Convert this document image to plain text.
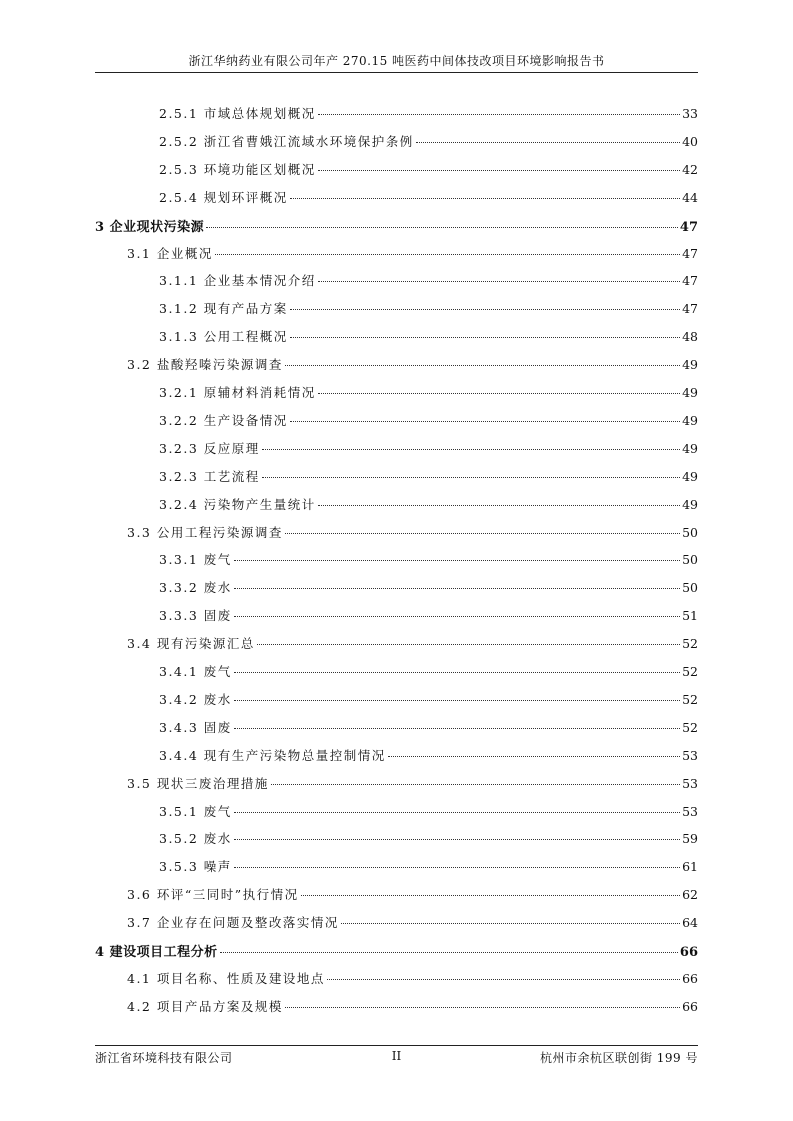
浙江华纳药业有限公司年产 270.15 吨医药中间体技改项目环境影响报告书
2.5.1 市域总体规划概况	33
2.5.2 浙江省曹娥江流域水环境保护条例	40
2.5.3 环境功能区划概况	42
2.5.4 规划环评概况	44
3 企业现状污染源	47
3.1 企业概况	47
3.1.1 企业基本情况介绍	47
3.1.2 现有产品方案	47
3.1.3 公用工程概况	48
3.2 盐酸羟嗪污染源调查	49
3.2.1 原辅材料消耗情况	49
3.2.2 生产设备情况	49
3.2.3 反应原理	49
3.2.3 工艺流程	49
3.2.4 污染物产生量统计	49
3.3 公用工程污染源调查	50
3.3.1 废气	50
3.3.2 废水	50
3.3.3 固废	51
3.4 现有污染源汇总	52
3.4.1 废气	52
3.4.2 废水	52
3.4.3 固废	52
3.4.4 现有生产污染物总量控制情况	53
3.5 现状三废治理措施	53
3.5.1 废气	53
3.5.2 废水	59
3.5.3 噪声	61
3.6 环评“三同时”执行情况	62
3.7 企业存在问题及整改落实情况	64
4 建设项目工程分析	66
4.1 项目名称、性质及建设地点	66
4.2 项目产品方案及规模	66
浙江省环境科技有限公司	II	杭州市余杭区联创街 199 号
